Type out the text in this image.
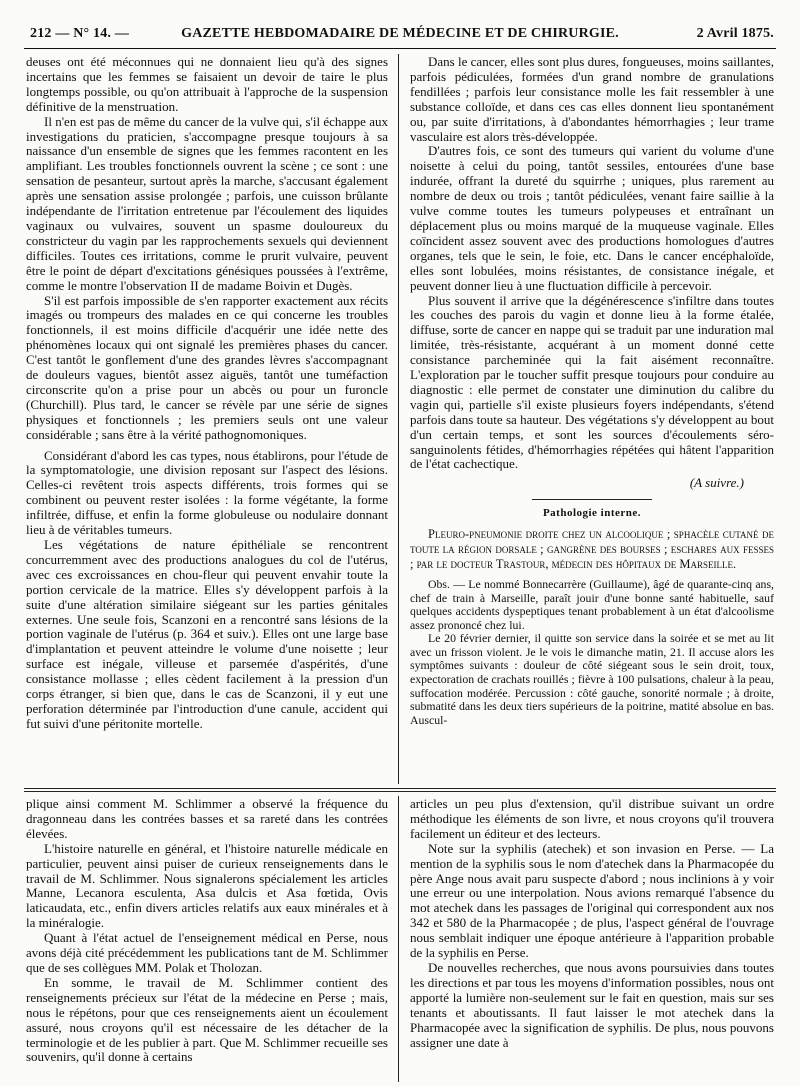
212 — N° 14. —	GAZETTE HEBDOMADAIRE DE MÉDECINE ET DE CHIRURGIE.	2 Avril 1875.

deuses ont été méconnues qui ne donnaient lieu qu'à des signes incertains que les femmes se faisaient un devoir de taire le plus longtemps possible, ou qu'on attribuait à l'approche de la suspension définitive de la menstruation.

Il n'en est pas de même du cancer de la vulve qui, s'il échappe aux investigations du praticien, s'accompagne presque toujours à sa naissance d'un ensemble de signes que les femmes racontent en les amplifiant. Les troubles fonctionnels ouvrent la scène ; ce sont : une sensation de pesanteur, surtout après la marche, s'accusant également après une sensation assise prolongée ; parfois, une cuisson brûlante indépendante de l'irritation entretenue par l'écoulement des liquides vaginaux ou vulvaires, souvent un spasme douloureux du constricteur du vagin par les rapprochements sexuels qui deviennent difficiles. Toutes ces irritations, comme le prurit vulvaire, peuvent être le point de départ d'excitations génésiques poussées à l'extrême, comme le montre l'observation II de madame Boivin et Dugès.

S'il est parfois impossible de s'en rapporter exactement aux récits imagés ou trompeurs des malades en ce qui concerne les troubles fonctionnels, il est moins difficile d'acquérir une idée nette des phénomènes locaux qui ont signalé les premières phases du cancer. C'est tantôt le gonflement d'une des grandes lèvres s'accompagnant de douleurs vagues, bientôt assez aiguës, tantôt une tuméfaction circonscrite qu'on a prise pour un abcès ou pour un furoncle (Churchill). Plus tard, le cancer se révèle par une série de signes physiques et fonctionnels ; les premiers seuls ont une valeur considérable ; sans être à la vérité pathognomoniques.

Considérant d'abord les cas types, nous établirons, pour l'étude de la symptomatologie, une division reposant sur l'aspect des lésions. Celles-ci revêtent trois aspects différents, trois formes qui se combinent ou peuvent rester isolées : la forme végétante, la forme infiltrée, diffuse, et enfin la forme globuleuse ou nodulaire donnant lieu à de véritables tumeurs.

Les végétations de nature épithéliale se rencontrent concurremment avec des productions analogues du col de l'utérus, avec ces excroissances en chou-fleur qui peuvent envahir toute la portion cervicale de la matrice. Elles s'y développent parfois à la suite d'une altération similaire siégeant sur les parties génitales externes. Une seule fois, Scanzoni en a rencontré sans lésions de la portion vaginale de l'utérus (p. 364 et suiv.). Elles ont une large base d'implantation et peuvent atteindre le volume d'une noisette ; leur surface est inégale, villeuse et parsemée d'aspérités, d'une consistance mollasse ; elles cèdent facilement à la pression d'un corps étranger, si bien que, dans le cas de Scanzoni, il y eut une perforation déterminée par l'introduction d'une canule, accident qui fut suivi d'une péritonite mortelle.

Dans le cancer, elles sont plus dures, fongueuses, moins saillantes, parfois pédiculées, formées d'un grand nombre de granulations fendillées ; parfois leur consistance molle les fait ressembler à une substance colloïde, et dans ces cas elles donnent lieu spontanément ou, par suite d'irritations, à d'abondantes hémorrhagies ; leur trame vasculaire est alors très-développée.

D'autres fois, ce sont des tumeurs qui varient du volume d'une noisette à celui du poing, tantôt sessiles, entourées d'une base indurée, offrant la dureté du squirrhe ; uniques, plus rarement au nombre de deux ou trois ; tantôt pédiculées, venant faire saillie à la vulve comme toutes les tumeurs polypeuses et entraînant un déplacement plus ou moins marqué de la muqueuse vaginale. Elles coïncident assez souvent avec des productions homologues d'autres organes, tels que le sein, le foie, etc. Dans le cancer encéphaloïde, elles sont lobulées, moins résistantes, de consistance inégale, et peuvent donner lieu à une fluctuation difficile à percevoir.

Plus souvent il arrive que la dégénérescence s'infiltre dans toutes les couches des parois du vagin et donne lieu à la forme étalée, diffuse, sorte de cancer en nappe qui se traduit par une induration mal limitée, très-résistante, acquérant à un moment donné cette consistance parcheminée qui la fait aisément reconnaître. L'exploration par le toucher suffit presque toujours pour conduire au diagnostic : elle permet de constater une diminution du calibre du vagin qui, partielle s'il existe plusieurs foyers indépendants, s'étend parfois dans toute sa hauteur. Des végétations s'y développent au bout d'un certain temps, et sont les sources d'écoulements séro-sanguinolents fétides, d'hémorrhagies répétées qui hâtent l'apparition de l'état cachectique.

(A suivre.)
Pathologie interne.

Pleuro-pneumonie droite chez un alcoolique ; sphacèle cutané de toute la région dorsale ; gangrène des bourses ; eschares aux fesses ; par le docteur Trastour, médecin des hôpitaux de Marseille.

Obs. — Le nommé Bonnecarrère (Guillaume), âgé de quarante-cinq ans, chef de train à Marseille, paraît jouir d'une bonne santé habituelle, sauf quelques accidents dyspeptiques tenant probablement à un état d'alcoolisme assez prononcé chez lui.

Le 20 février dernier, il quitte son service dans la soirée et se met au lit avec un frisson violent. Je le vois le dimanche matin, 21. Il accuse alors les symptômes suivants : douleur de côté siégeant sous le sein droit, toux, expectoration de crachats rouillés ; fièvre à 100 pulsations, chaleur à la peau, suffocation modérée. Percussion : côté gauche, sonorité normale ; à droite, submatité dans les deux tiers supérieurs de la poitrine, matité absolue en bas. Auscul-

plique ainsi comment M. Schlimmer a observé la fréquence du dragonneau dans les contrées basses et sa rareté dans les contrées élevées.

L'histoire naturelle en général, et l'histoire naturelle médicale en particulier, peuvent ainsi puiser de curieux renseignements dans le travail de M. Schlimmer. Nous signalerons spécialement les articles Manne, Lecanora esculenta, Asa dulcis et Asa fœtida, Ovis laticaudata, etc., enfin divers articles relatifs aux eaux minérales et à la minéralogie.

Quant à l'état actuel de l'enseignement médical en Perse, nous avons déjà cité précédemment les publications tant de M. Schlimmer que de ses collègues MM. Polak et Tholozan.

En somme, le travail de M. Schlimmer contient des renseignements précieux sur l'état de la médecine en Perse ; mais, nous le répétons, pour que ces renseignements aient un écoulement assuré, nous croyons qu'il est nécessaire de les détacher de la terminologie et de les publier à part. Que M. Schlimmer recueille ses souvenirs, qu'il donne à certains

articles un peu plus d'extension, qu'il distribue suivant un ordre méthodique les éléments de son livre, et nous croyons qu'il trouvera facilement un éditeur et des lecteurs.

Note sur la syphilis (atechek) et son invasion en Perse. — La mention de la syphilis sous le nom d'atechek dans la Pharmacopée du père Ange nous avait paru suspecte d'abord ; nous inclinions à y voir une erreur ou une interpolation. Nous avions remarqué l'absence du mot atechek dans les passages de l'original qui correspondent aux nos 342 et 580 de la Pharmacopée ; de plus, l'aspect général de l'ouvrage nous semblait indiquer une époque antérieure à l'apparition probable de la syphilis en Perse.

De nouvelles recherches, que nous avons poursuivies dans toutes les directions et par tous les moyens d'information possibles, nous ont apporté la lumière non-seulement sur le fait en question, mais sur ses tenants et aboutissants. Il faut laisser le mot atechek dans la Pharmacopée avec la signification de syphilis. De plus, nous pouvons assigner une date à
